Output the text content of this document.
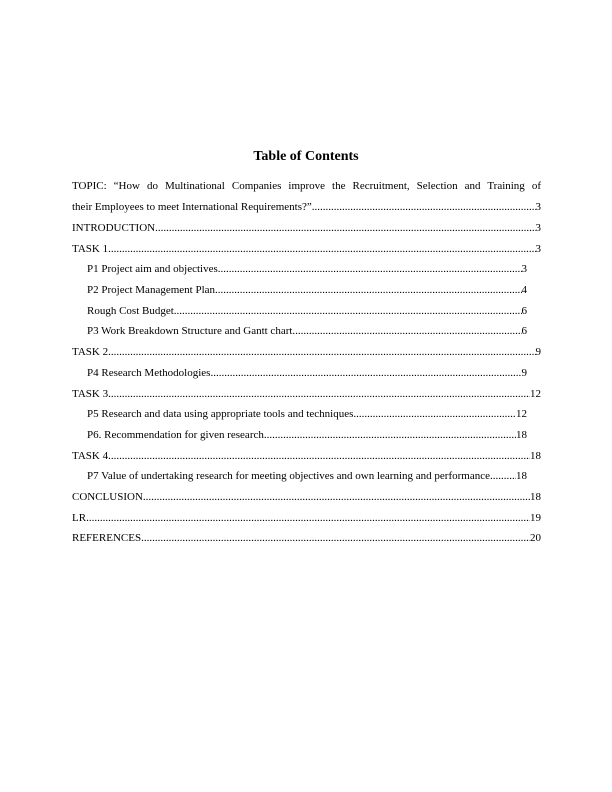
Table of Contents
TOPIC: “How do Multinational Companies improve the Recruitment, Selection and Training of
their Employees to meet International Requirements?” .....	3
INTRODUCTION .....	3
TASK 1 .....	3
P1 Project aim and objectives .....	3
P2 Project Management Plan .....	4
Rough Cost Budget .....	6
P3 Work Breakdown Structure and Gantt chart .....	6
TASK 2 .....	9
P4 Research Methodologies .....	9
TASK 3 .....	12
P5 Research and data using appropriate tools and techniques .....	12
P6. Recommendation for given research .....	18
TASK 4 .....	18
P7 Value of undertaking research for meeting objectives and own learning and performance ..... 18
CONCLUSION .....	18
LR .....	19
REFERENCES .....	20
